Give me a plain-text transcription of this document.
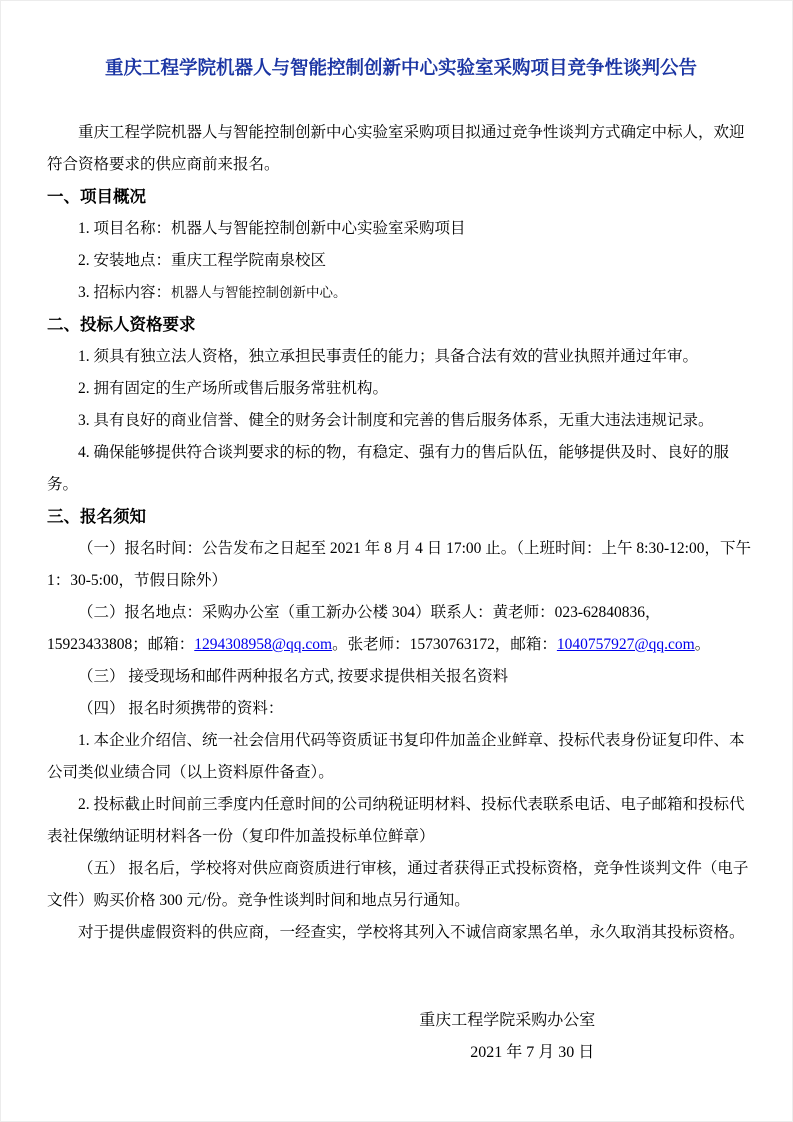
重庆工程学院机器人与智能控制创新中心实验室采购项目竞争性谈判公告

重庆工程学院机器人与智能控制创新中心实验室采购项目拟通过竞争性谈判方式确定中标人，欢迎符合资格要求的供应商前来报名。

一、项目概况

1. 项目名称：机器人与智能控制创新中心实验室采购项目

2. 安装地点：重庆工程学院南泉校区

3. 招标内容：机器人与智能控制创新中心。

二、投标人资格要求

1. 须具有独立法人资格，独立承担民事责任的能力；具备合法有效的营业执照并通过年审。

2. 拥有固定的生产场所或售后服务常驻机构。

3. 具有良好的商业信誉、健全的财务会计制度和完善的售后服务体系，无重大违法违规记录。

4. 确保能够提供符合谈判要求的标的物，有稳定、强有力的售后队伍，能够提供及时、良好的服务。

三、报名须知

（一）报名时间：公告发布之日起至 2021 年 8 月 4 日 17:00 止。（上班时间：上午 8:30-12:00，下午 1：30-5:00，节假日除外）

（二）报名地点：采购办公室（重工新办公楼 304）联系人：黄老师：023-62840836，15923433808；邮箱：1294308958@qq.com。张老师：15730763172，邮箱：1040757927@qq.com。

（三） 接受现场和邮件两种报名方式, 按要求提供相关报名资料

（四） 报名时须携带的资料：

1. 本企业介绍信、统一社会信用代码等资质证书复印件加盖企业鲜章、投标代表身份证复印件、本公司类似业绩合同（以上资料原件备查）。

2. 投标截止时间前三季度内任意时间的公司纳税证明材料、投标代表联系电话、电子邮箱和投标代表社保缴纳证明材料各一份（复印件加盖投标单位鲜章）

（五） 报名后，学校将对供应商资质进行审核，通过者获得正式投标资格，竞争性谈判文件（电子文件）购买价格 300 元/份。竞争性谈判时间和地点另行通知。

对于提供虚假资料的供应商，一经查实，学校将其列入不诚信商家黑名单，永久取消其投标资格。

重庆工程学院采购办公室

2021 年 7 月 30 日
